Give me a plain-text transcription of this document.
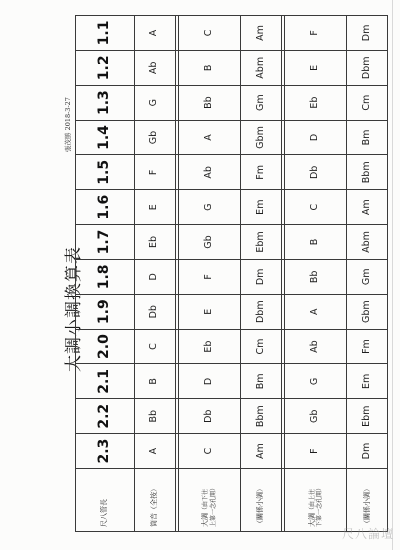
大調小調換算表
張茂勝 2018-3-27
尺八管長	2.3	2.2	2.1	2.0	1.9	1.8	1.7	1.6	1.5	1.4	1.3	1.2	1.1
筒音（全按）	A	Bb	B	C	Db	D	Eb	E	F	Gb	G	Ab	A

大調（由下往 上第一念孔開）	C	Db	D	Eb	E	F	Gb	G	Ab	A	Bb	B	C
（關係小調）	Am	Bbm	Bm	Cm	Dbm	Dm	Ebm	Em	Fm	Gbm	Gm	Abm	Am

大調（由上往 下第一念孔開）	F	Gb	G	Ab	A	Bb	B	C	Db	D	Eb	E	F
（關係小調）	Dm	Ebm	Em	Fm	Gbm	Gm	Abm	Am	Bbm	Bm	Cm	Dbm	Dm
尺八論壇
